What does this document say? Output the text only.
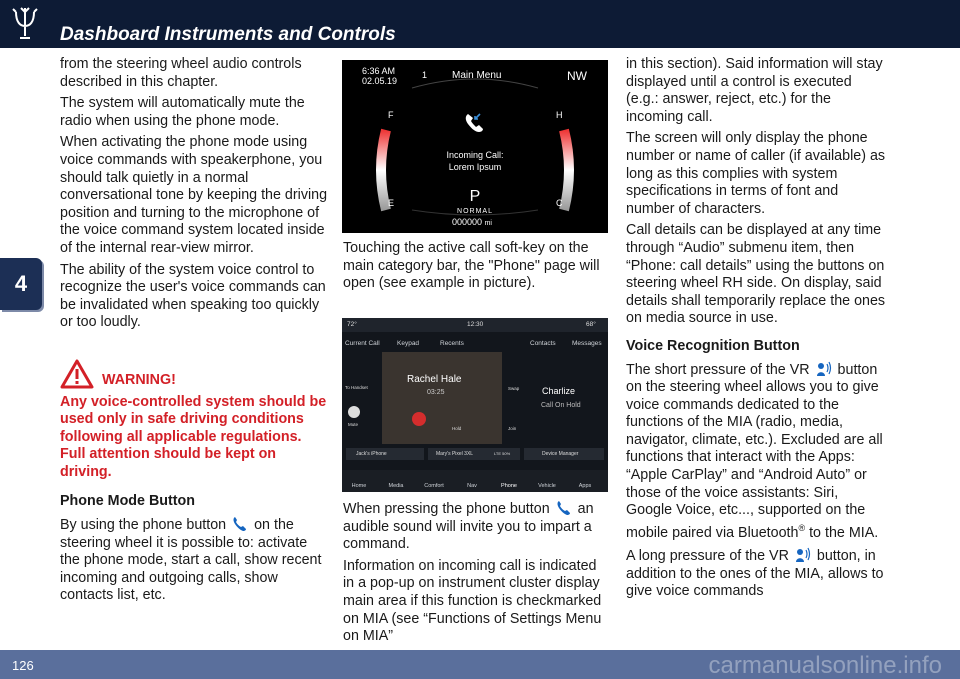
Dashboard Instruments and Controls
4

from the steering wheel audio controls described in this chapter.

The system will automatically mute the radio when using the phone mode.

When activating the phone mode using voice commands with speakerphone, you should talk quietly in a normal conversational tone by keeping the driving position and turning to the microphone of the voice command system located inside of the internal rear-view mirror.

The ability of the system voice control to recognize the user's voice commands can be invalidated when speaking too quickly or too loudly.

WARNING!

Any voice-controlled system should be used only in safe driving conditions following all applicable regulations. Full attention should be kept on driving.

Phone Mode Button

By using the phone button on the steering wheel it is possible to: activate the phone mode, start a call, show recent incoming and outgoing calls, show contacts list, etc.

6:36 AM
02.05.19
1 Main Menu	NW
F
E
H
C
Incoming Call:
Lorem Ipsum
P
NORMAL
000000 mi

Touching the active call soft-key on the main category bar, the "Phone" page will open (see example in picture).

72°	12:30	68°
Current Call	Keypad	Recents	Contacts	Messages
Rachel Hale
03:25	Charlize
Call On Hold
To Handset
Mute
Hold
Swap
Join
Jack's iPhone	Mary's Pixel 3XL	LTE 50%	Device Manager
Home	Media	Comfort	Nav	Phone	Vehicle	Apps

When pressing the phone button an audible sound will invite you to impart a command.

Information on incoming call is indicated in a pop-up on instrument cluster display main area if this function is checkmarked on MIA (see “Functions of Settings Menu on MIA”

in this section). Said information will stay displayed until a control is executed (e.g.: answer, reject, etc.) for the incoming call.

The screen will only display the phone number or name of caller (if available) as long as this complies with system specifications in terms of font and number of characters.

Call details can be displayed at any time through “Audio” submenu item, then “Phone: call details” using the buttons on steering wheel RH side. On display, said details shall temporarily replace the ones on media source in use.

Voice Recognition Button

The short pressure of the VR button on the steering wheel allows you to give voice commands dedicated to the functions of the MIA (radio, media, navigator, climate, etc.). Excluded are all functions that interact with the Apps: “Apple CarPlay” and “Android Auto” or those of the voice assistants: Siri, Google Voice, etc..., supported on the mobile paired via Bluetooth® to the MIA.

A long pressure of the VR button, in addition to the ones of the MIA, allows to give voice commands

126	carmanualsonline.info
